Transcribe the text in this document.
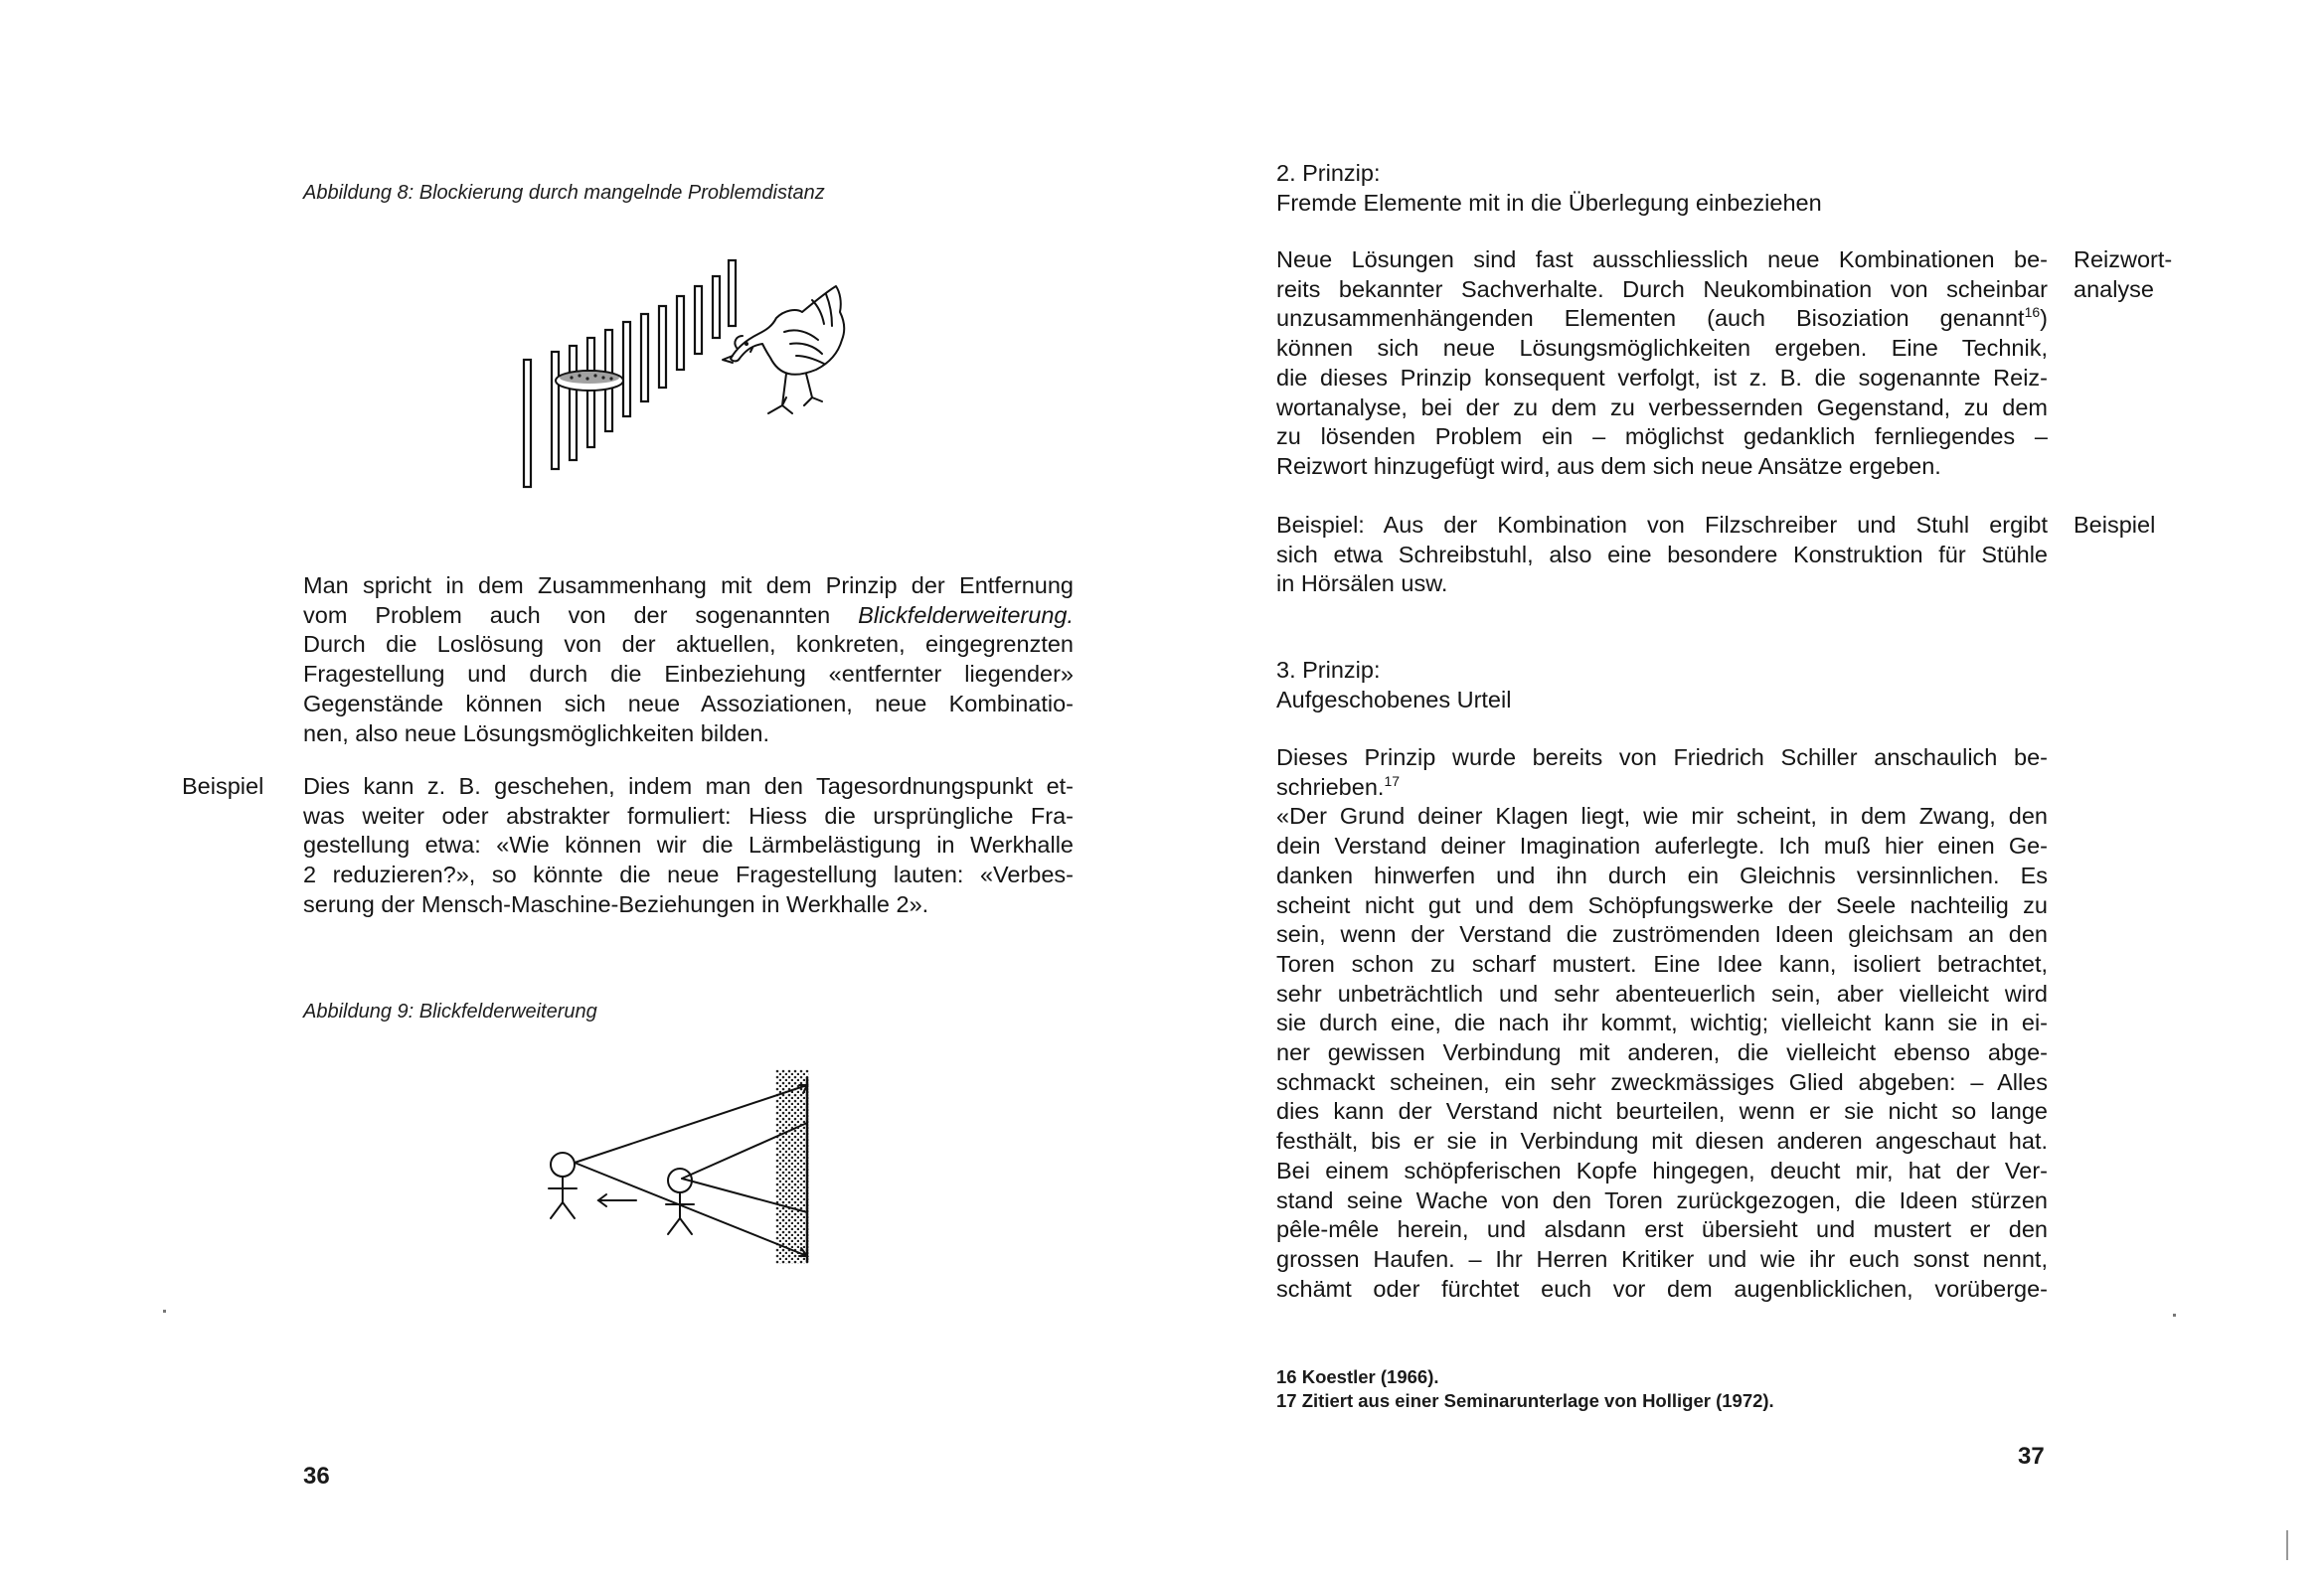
Abbildung 8: Blockierung durch mangelnde Problemdistanz
Man spricht in dem Zusammenhang mit dem Prinzip der Entfernung
vom Problem auch von der sogenannten Blickfelderweiterung.
Durch die Loslösung von der aktuellen, konkreten, eingegrenzten
Fragestellung und durch die Einbeziehung «entfernter liegender»
Gegenstände können sich neue Assoziationen, neue Kombinatio-
nen, also neue Lösungsmöglichkeiten bilden.
Beispiel Dies kann z. B. geschehen, indem man den Tagesordnungspunkt et-
was weiter oder abstrakter formuliert: Hiess die ursprüngliche Fra-
gestellung etwa: «Wie können wir die Lärmbelästigung in Werkhalle
2 reduzieren?», so könnte die neue Fragestellung lauten: «Verbes-
serung der Mensch-Maschine-Beziehungen in Werkhalle 2».
Abbildung 9: Blickfelderweiterung
36
2. Prinzip:
Fremde Elemente mit in die Überlegung einbeziehen
Neue Lösungen sind fast ausschliesslich neue Kombinationen be-
reits bekannter Sachverhalte. Durch Neukombination von scheinbar
unzusammenhängenden Elementen (auch Bisoziation genannt$^{16}$)
können sich neue Lösungsmöglichkeiten ergeben. Eine Technik,
die dieses Prinzip konsequent verfolgt, ist z. B. die sogenannte Reiz-
wortanalyse, bei der zu dem zu verbessernden Gegenstand, zu dem
zu lösenden Problem ein – möglichst gedanklich fernliegendes –
Reizwort hinzugefügt wird, aus dem sich neue Ansätze ergeben.
Reizwort-
analyse
Beispiel: Aus der Kombination von Filzschreiber und Stuhl ergibt
sich etwa Schreibstuhl, also eine besondere Konstruktion für Stühle
in Hörsälen usw.
Beispiel
3. Prinzip:
Aufgeschobenes Urteil
Dieses Prinzip wurde bereits von Friedrich Schiller anschaulich be-
schrieben.$^{17}$
«Der Grund deiner Klagen liegt, wie mir scheint, in dem Zwang, den
dein Verstand deiner Imagination auferlegte. Ich muß hier einen Ge-
danken hinwerfen und ihn durch ein Gleichnis versinnlichen. Es
scheint nicht gut und dem Schöpfungswerke der Seele nachteilig zu
sein, wenn der Verstand die zuströmenden Ideen gleichsam an den
Toren schon zu scharf mustert. Eine Idee kann, isoliert betrachtet,
sehr unbeträchtlich und sehr abenteuerlich sein, aber vielleicht wird
sie durch eine, die nach ihr kommt, wichtig; vielleicht kann sie in ei-
ner gewissen Verbindung mit anderen, die vielleicht ebenso abge-
schmackt scheinen, ein sehr zweckmässiges Glied abgeben: – Alles
dies kann der Verstand nicht beurteilen, wenn er sie nicht so lange
festhält, bis er sie in Verbindung mit diesen anderen angeschaut hat.
Bei einem schöpferischen Kopfe hingegen, deucht mir, hat der Ver-
stand seine Wache von den Toren zurückgezogen, die Ideen stürzen
pêle-mêle herein, und alsdann erst übersieht und mustert er den
grossen Haufen. – Ihr Herren Kritiker und wie ihr euch sonst nennt,
schämt oder fürchtet euch vor dem augenblicklichen, vorüberge-
16 Koestler (1966).
17 Zitiert aus einer Seminarunterlage von Holliger (1972).
37
